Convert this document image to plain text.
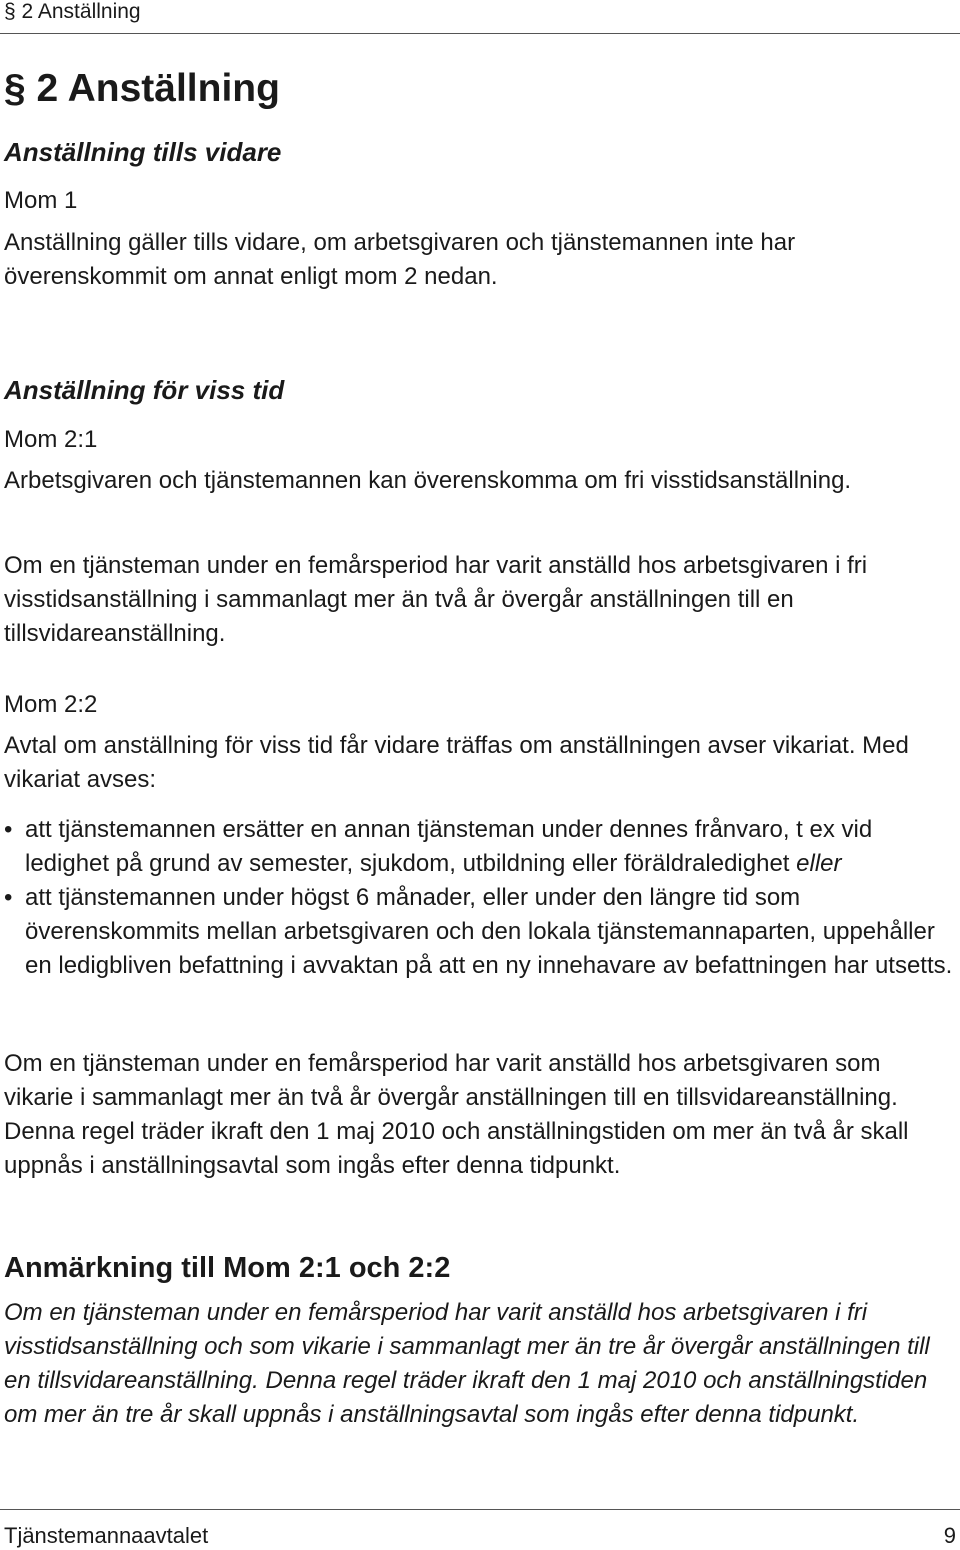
§ 2 Anställning
§ 2 Anställning
Anställning tills vidare

Mom 1

Anställning gäller tills vidare, om arbetsgivaren och tjänstemannen inte har överenskommit om annat enligt mom 2 nedan.

Anställning för viss tid

Mom 2:1

Arbetsgivaren och tjänstemannen kan överenskomma om fri visstidsanställning.

Om en tjänsteman under en femårsperiod har varit anställd hos arbetsgivaren i fri visstidsanställning i sammanlagt mer än två år övergår anställningen till en tillsvidareanställning.

Mom 2:2

Avtal om anställning för viss tid får vidare träffas om anställningen avser vikariat. Med vikariat avses:

• att tjänstemannen ersätter en annan tjänsteman under dennes frånvaro, t ex vid ledighet på grund av semester, sjukdom, utbildning eller föräldraledighet eller
• att tjänstemannen under högst 6 månader, eller under den längre tid som överenskommits mellan arbetsgivaren och den lokala tjänstemannaparten, uppehåller en ledigbliven befattning i avvaktan på att en ny innehavare av befattningen har utsetts.

Om en tjänsteman under en femårsperiod har varit anställd hos arbetsgivaren som vikarie i sammanlagt mer än två år övergår anställningen till en tillsvidareanställning. Denna regel träder ikraft den 1 maj 2010 och anställningstiden om mer än två år skall uppnås i anställningsavtal som ingås efter denna tidpunkt.

Anmärkning till Mom 2:1 och 2:2

Om en tjänsteman under en femårsperiod har varit anställd hos arbetsgivaren i fri visstidsanställning och som vikarie i sammanlagt mer än tre år övergår anställningen till en tillsvidareanställning. Denna regel träder ikraft den 1 maj 2010 och anställningstiden om mer än tre år skall uppnås i anställningsavtal som ingås efter denna tidpunkt.

Tjänstemannaavtalet	9
